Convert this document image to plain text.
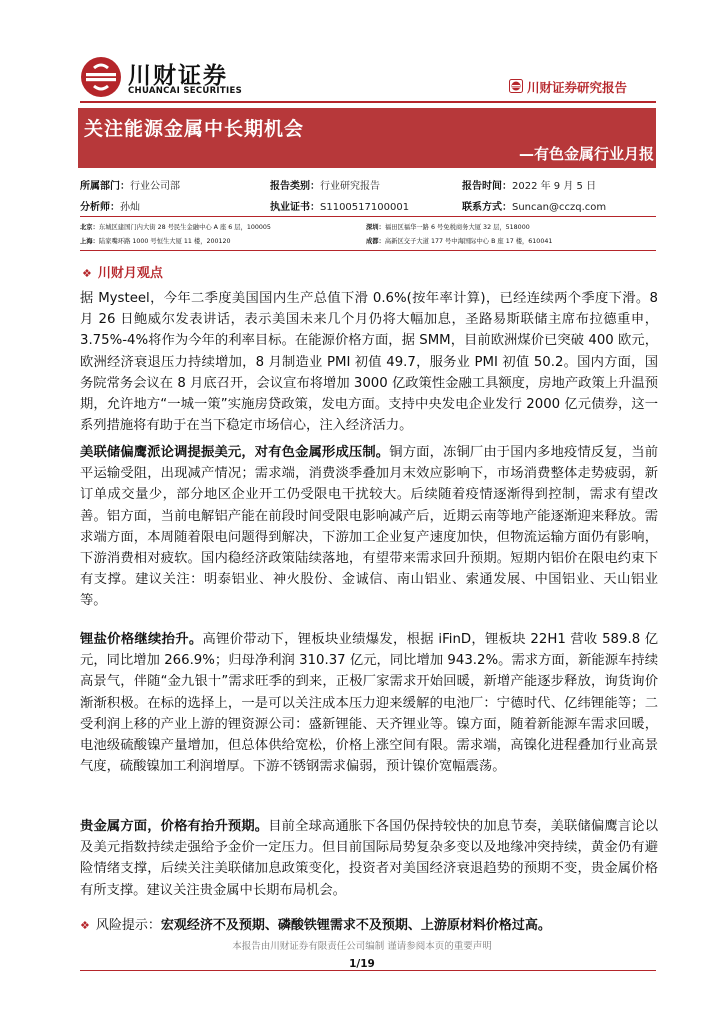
川财证券
CHUANCAI SECURITIES	川财证券研究报告
关注能源金属中长期机会
—有色金属行业月报
所属部门：行业公司部	报告类别：行业研究报告	报告时间：2022 年 9 月 5 日
分析师：孙灿	执业证书：S1100517100001	联系方式：Suncan@cczq.com
北京：东城区建国门内大街 28 号民生金融中心 A 座 6 层，100005	深圳：福田区福华一路 6 号免税商务大厦 32 层，518000
上海：陆家嘴环路 1000 号恒生大厦 11 楼，200120	成都：高新区交子大道 177 号中海国际中心 B 座 17 楼，610041
❖ 川财月观点

据 Mysteel，今年二季度美国国内生产总值下滑 0.6%(按年率计算)，已经连续两个季度下滑。8 月 26 日鲍威尔发表讲话，表示美国未来几个月仍将大幅加息，圣路易斯联储主席布拉德重申，3.75%-4%将作为今年的利率目标。在能源价格方面，据 SMM，目前欧洲煤价已突破 400 欧元，欧洲经济衰退压力持续增加，8 月制造业 PMI 初值 49.7，服务业 PMI 初值 50.2。国内方面，国务院常务会议在 8 月底召开，会议宣布将增加 3000 亿政策性金融工具额度，房地产政策上升温预期，允许地方“一城一策”实施房贷政策，发电方面。支持中央发电企业发行 2000 亿元债券，这一系列措施将有助于在当下稳定市场信心，注入经济活力。

美联储偏鹰派论调提振美元，对有色金属形成压制。铜方面，冻铜厂由于国内多地疫情反复，当前平运输受阻，出现减产情况；需求端，消费淡季叠加月末效应影响下，市场消费整体走势疲弱，新订单成交量少，部分地区企业开工仍受限电干扰较大。后续随着疫情逐渐得到控制，需求有望改善。铝方面，当前电解铝产能在前段时间受限电影响减产后，近期云南等地产能逐渐迎来释放。需求端方面，本周随着限电问题得到解决，下游加工企业复产速度加快，但物流运输方面仍有影响，下游消费相对疲软。国内稳经济政策陆续落地，有望带来需求回升预期。短期内铝价在限电约束下有支撑。建议关注：明泰铝业、神火股份、金诚信、南山铝业、索通发展、中国铝业、天山铝业等。

锂盐价格继续抬升。高锂价带动下，锂板块业绩爆发，根据 iFinD，锂板块 22H1 营收 589.8 亿元，同比增加 266.9%；归母净利润 310.37 亿元，同比增加 943.2%。需求方面，新能源车持续高景气，伴随“金九银十”需求旺季的到来，正极厂家需求开始回暖，新增产能逐步释放，询货询价渐渐积极。在标的选择上，一是可以关注成本压力迎来缓解的电池厂：宁德时代、亿纬锂能等；二受利润上移的产业上游的锂资源公司：盛新锂能、天齐锂业等。镍方面，随着新能源车需求回暖，电池级硫酸镍产量增加，但总体供给宽松，价格上涨空间有限。需求端，高镍化进程叠加行业高景气度，硫酸镍加工利润增厚。下游不锈钢需求偏弱，预计镍价宽幅震荡。

贵金属方面，价格有抬升预期。目前全球高通胀下各国仍保持较快的加息节奏，美联储偏鹰言论以及美元指数持续走强给予金价一定压力。但目前国际局势复杂多变以及地缘冲突持续，黄金仍有避险情绪支撑，后续关注美联储加息政策变化，投资者对美国经济衰退趋势的预期不变，贵金属价格有所支撑。建议关注贵金属中长期布局机会。

❖ 风险提示：宏观经济不及预期、磷酸铁锂需求不及预期、上游原材料价格过高。
本报告由川财证券有限责任公司编制 谨请参阅本页的重要声明
1/19
